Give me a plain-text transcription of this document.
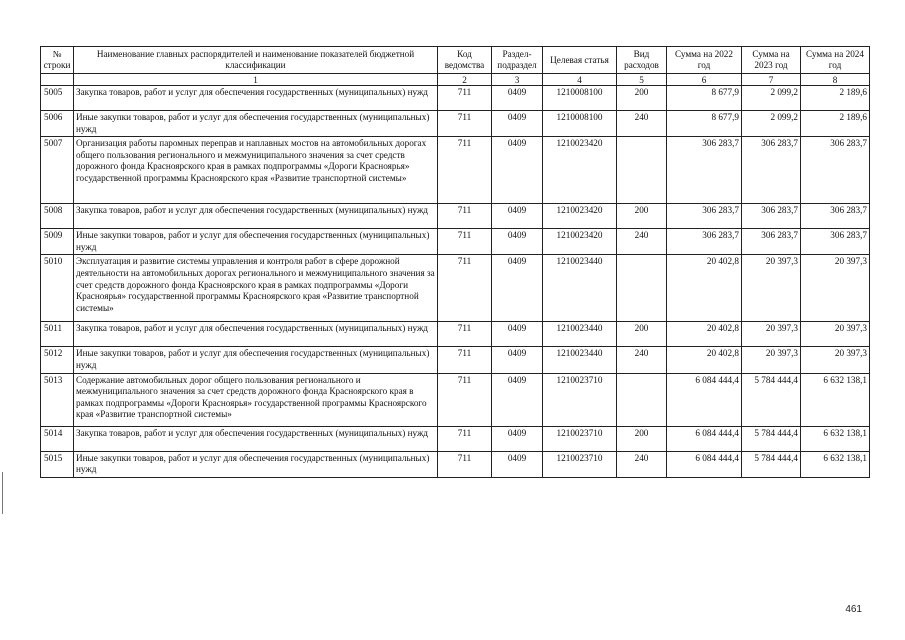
№ строки	Наименование главных распорядителей и наименование показателей бюджетной классификации	Код ведомства	Раздел-подраздел	Целевая статья	Вид расходов	Сумма на 2022 год	Сумма на 2023 год	Сумма на 2024 год
	1	2	3	4	5	6	7	8
5005	Закупка товаров, работ и услуг для обеспечения государственных (муниципальных) нужд	711	0409	1210008100	200	8 677,9	2 099,2	2 189,6
5006	Иные закупки товаров, работ и услуг для обеспечения государственных (муниципальных) нужд	711	0409	1210008100	240	8 677,9	2 099,2	2 189,6
5007	Организация работы паромных переправ и наплавных мостов на автомобильных дорогах общего пользования регионального и межмуниципального значения за счет средств дорожного фонда Красноярского края в рамках подпрограммы «Дороги Красноярья» государственной программы Красноярского края «Развитие транспортной системы»	711	0409	1210023420		306 283,7	306 283,7	306 283,7
5008	Закупка товаров, работ и услуг для обеспечения государственных (муниципальных) нужд	711	0409	1210023420	200	306 283,7	306 283,7	306 283,7
5009	Иные закупки товаров, работ и услуг для обеспечения государственных (муниципальных) нужд	711	0409	1210023420	240	306 283,7	306 283,7	306 283,7
5010	Эксплуатация и развитие системы управления и контроля работ в сфере дорожной деятельности на автомобильных дорогах регионального и межмуниципального значения за счет средств дорожного фонда Красноярского края в рамках подпрограммы «Дороги Красноярья» государственной программы Красноярского края «Развитие транспортной системы»	711	0409	1210023440		20 402,8	20 397,3	20 397,3
5011	Закупка товаров, работ и услуг для обеспечения государственных (муниципальных) нужд	711	0409	1210023440	200	20 402,8	20 397,3	20 397,3
5012	Иные закупки товаров, работ и услуг для обеспечения государственных (муниципальных) нужд	711	0409	1210023440	240	20 402,8	20 397,3	20 397,3
5013	Содержание автомобильных дорог общего пользования регионального и межмуниципального значения за счет средств дорожного фонда Красноярского края в рамках подпрограммы «Дороги Красноярья» государственной программы Красноярского края «Развитие транспортной системы»	711	0409	1210023710		6 084 444,4	5 784 444,4	6 632 138,1
5014	Закупка товаров, работ и услуг для обеспечения государственных (муниципальных) нужд	711	0409	1210023710	200	6 084 444,4	5 784 444,4	6 632 138,1
5015	Иные закупки товаров, работ и услуг для обеспечения государственных (муниципальных) нужд	711	0409	1210023710	240	6 084 444,4	5 784 444,4	6 632 138,1
461
